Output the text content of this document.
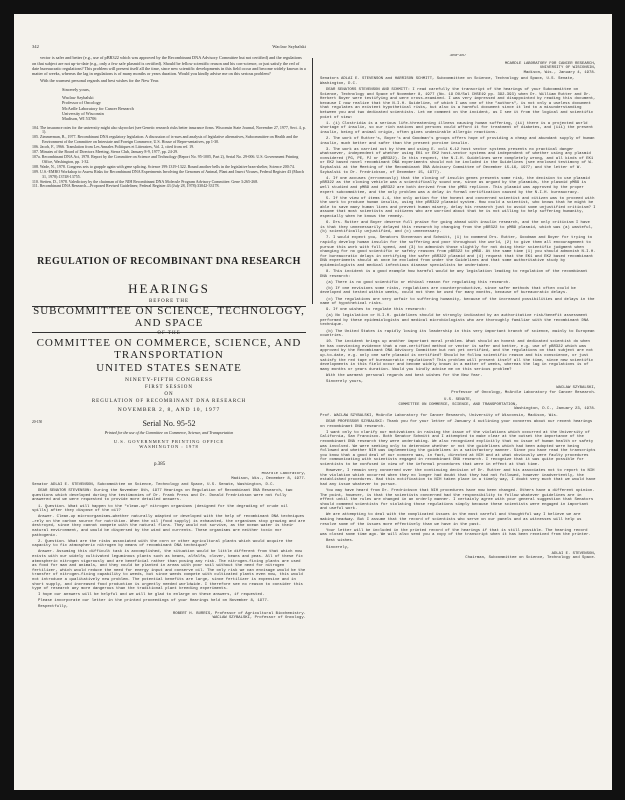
342	Waclaw Szybalski

vector is safer and better (e.g., use of pBR322 which was approved by the Recombinant DNA Advisory Committee but not certified) and the regulations on that subject are not up-to-date (e.g., only a few safe plasmid is certified). Should be fellow scientific reason and his con-science, or just satisfy the red of date bureaucratic regulations? This problem will present itself all the time, since new scientific developments in this field occur and become widely known in a matter of weeks, whereas the lag in regulations is of many months or years duration. Would you kindly advise me on this serious problem?

With the warmest personal regards and best wishes for the New Year.

Sincerely yours,
Waclaw Szybalski
Professor of Oncology
McArdle Laboratory for Cancer Research
University of Wisconsin
Madison, WI 53706
104. The insurance rates for the university might also skyrocket (see Genetic research risks better insurance firms. Wisconsin State Journal, November 27, 1977, Sect. 4, p. 1).
105. Zimmerman, B., 1977. Recombinant DNA regulatory legislation. A discussion of is-sues and analysis of legislative alternatives, Subcommittee on Health and the Environment of the Committee on Interstate and Foreign Commerce, U.S. House of Repre-sentatives, pp 1-30.
106. Jacob, F., 1966. Translation from Les Annales Politiques et Litteraires, Vol. 2, cited from ref. 19.
107. Minutes of the Board of Directors Meeting, Sierra Club, January 8-9, 1977, pp. 24-29.
107a. Recombinant DNA Act, 1978. Report by the Committee on Science and Technology (Report No. 95-1005, Part 2), Serial No. 29-006. U.S. Government Printing Office, Washington, pp. 1-32.
108. Wade, N., 1978. Congress sets to grapple again with gene splicing. Science 199:1319-1322. Round another bells in the legislative bran-shelter, Science 200:74.
109. U.S.-EMBO Workshop to Assess Risks for Recombinant DNA Experiments Involving the Genomes of Animal, Plant and Insect Viruses, Federal Register 43 (March 31, 1978):13748-13755.
110. Stetten, D., 1978. Valedictory by the chairman of the NIH Recombinant DNA Molecule Program Advisory Committee. Gene 3:265-268.
111. Recombinant DNA Research—Proposed Revised Guidelines; Federal Register 43 (July 28, 1978):33042-33178.
REGULATION OF RECOMBINANT DNA RESEARCH
HEARINGS
BEFORE THE
SUBCOMMITTEE ON SCIENCE, TECHNOLOGY, AND SPACE
OF THE
COMMITTEE ON COMMERCE, SCIENCE, AND TRANSPORTATION
UNITED STATES SENATE
NINETY-FIFTH CONGRESS
FIRST SESSION
ON
REGULATION OF RECOMBINANT DNA RESEARCH
NOVEMBER 2, 8, AND 10, 1977
Serial No. 95-52
Printed for the use of the Committee on Commerce, Science, and Transportation
U.S. GOVERNMENT PRINTING OFFICE
WASHINGTON : 1978
20-150
p.385
McArdle Laboratory,
Madison, Wis., December 8, 1977.

Senator ADLAI E. STEVENSON, Subcommittee on Science, Technology and Space, U.S. Senate, Washington, D.C.

DEAR SENATOR STEVENSON: During the November 8th, 1977 Hearings on Regulation of Recombinant DNA Research, two questions which developed during the testimonies of Dr. Frank Press and Dr. Donald Fredrickson were not fully answered and we were requested to provide more detailed answers.

1. Question. What will happen to the "clean-up" nitrogen organisms (designed for the degrading of crude oil spills) after they dispose of the oil?

Answer. Clean-up microorganisms—whether naturally adapted or developed with the help of recombinant DNA techniques—rely on the carbon source for nutrition. When the oil (food supply) is exhausted, the organisms stop growing and are destroyed, since they cannot compete with the natural flora. They would not survive, as the ocean water is their natural environment, and would be dispersed by the wind and currents. These organisms are neither toxic nor pathogenic.

2. Question. What are the risks associated with the corn or other agricultural plants which would acquire the capacity to fix atmospheric nitrogen by means of recombinant DNA technique?

Answer. Assuming this difficult task is accomplished, the situation would be little different from that which now exists with our widely cultivated leguminous plants such as beans, alfalfa, clover, beans and peas. All of these fix atmospheric nitrogen vigorously and are beneficial rather than posing any risk. The nitrogen-fixing plants are used as food for man and animals, and they could be planted in areas with poor soil without the need for nitrogen fertilizer, which would reduce the need for energy input and conserve oil. The only risk we can envisage would be the transfer of nitrogen-fixing capability to weeds, but since weeds compete with cultivated plants even now, this would not introduce a qualitatively new problem. The potential benefits are large, since fertilizer is expensive and in short supply, and increased food production is urgently needed worldwide. I therefore see no reason to consider this type of research any more dangerous than the traditional plant breeding experiments.

I hope our answers will be helpful and we will be glad to enlarge on these answers, if requested.

Please incorporate our letter in the printed proceedings of your Hearings held on November 8, 1977.

Respectfully,

ROBERT H. BURRIS, Professor of Agricultural Biochemistry.
WACLAW SZYBALSKI, Professor of Oncology.
386-387
MCARDLE LABORATORY FOR CANCER RESEARCH,
UNIVERSITY OF WISCONSIN,
Madison, Wis., January 4, 1978.

Senators ADLAI E. STEVENSON and HARRISON SCHMITT, Subcommittee on Science, Technology and Space, U.S. Senate, Washington, D.C.

DEAR SENATORS STEVENSON AND SCHMITT: I read carefully the transcript of the hearings of your Subcommittee on Science, Technology and Space of November 8, 1977 (No. 19 DO/Sal CHSE19 pp. 392-393) when Dr. William Rutter and Dr. Herbert Boyer were testifying and were cross-examined. I was very impressed and disappointed by reading this document, because I now realize that the N.I.H. Guideline, of which I was one of the "authors", is not only a useless document that regulates an existent hypothetical risks, but also is a harmful document since it led to a misunderstanding between you and two dedicated scientists. Let me comment on the incident, as I see it from the logical and scientific point of view:

1. (i) Clostridia is a serious life-threatening illness causing human suffering, (ii) there is a projected world shortage of insulin, so our rich nations and persons could afford it for treatment of diabetes, and (iii) the present insulin, being of animal origin, often gives undesirable allergic reactions.

2. The work of Rutter's, Boyer's and Goodman's groups offers hope of providing a cheap and abundant supply of human insulin, much better and safer than the present porcine insulin.

3. The work as carried out by them and using E. coli K-12 host vector systems presents no practical danger whatsoever, independent of whether using EK1 or EK2 host-vector systems and independent of whether using any plasmid considered (PG, PE, PJ or pBR322). In this respect, the N.I.H. Guidelines were completely wrong, and all kinds of EK1 or EK2 based novel recombinant DNA experiments should not be included in the Guidelines (see enclosed testimony of W. Szybalski at the Meeting of the Recombinant DNA Advisory Committee of December 15-16, 1977; and the letter of W. Szybalski to Dr. Fredrickson, of December 15, 1977).

4. If one accuses (erroneously) that the cloning of insulin genes presents some risk, the decision to use plasmid pBR322 as the cloning vehicle was a scientifically sound one, since as argued by the plasmids, the plasmid pMB9 is well studied and pMB9 and pBR322 are both derived from the pMB1 replicon. This plasmid was approved by the proper expert subcommittee, and the only problem was a delay in formal certification caused by the N.I.H. bureaucracy.

5. If the view of items 1-4, the only action for the honest and concerned scientist and citizen was to proceed with the work to produce human insulin, using the pBR322 plasmid system. How could a scientist, who knows that he might be able to save many human lives and prevent human misery, delay his research just to avoid some unjustified criticism? I assume that most scientists and citizens who are worried about that he is not willing to help suffering humanity, especially when he knows the remedy.

6. Drs. Rutter and Boyer deserve full praise for going ahead with insulin research, and the only criticism I have is that they unnecessarily delayed this research by changing from the pBR322 to pMB9 plasmid, which was (a) wasteful, (b) scientifically unjustified, and (c) unnecessary.

7. I would expect you, Senators Stevenson and Schmitt, (1) to commend Drs. Rutter, Goodman and Boyer for trying to rapidly develop human insulin for the suffering and poor throughout the world, (2) to give them all encouragement to pursue this work with full speed, and (3) to admonish those slightly for not doing their scientific judgment when changing for no good scientific or safety reasons from pBR322 to pMB9. At the same time (1) you should admonish N.I.H. for bureaucratic delays in certifying the safer pBR322 plasmid and (4) request that the EK1 and EK2 based recombinant DNA experiments should at once be excluded from under the Guidelines and that some authoritative study by epidemiologists and medical infectious disease specialists be undertaken.

8. This incident is a good example how harmful would be any legislation leading to regulation of the recombinant DNA research:

(a) There is no good scientific or ethical reason for regulating this research.

(b) If one envisions some risks, regulations are counterproductive, since safer methods that often could be developed and tested within weeks, could not then be used for many months, because of bureaucratic delays.

(c) The regulations are very unfair to suffering humanity, because of the increased possibilities and delays in the name of hypothetical risks.

9. If one wishes to regulate this research:

(a) No legislation or N.I.H. guidelines should be strongly indicated by an authoritative risk/benefit assessment performed by these epidemiologists and medical microbiologists who are thoroughly familiar with the recombinant DNA technique.

(b) The United States is rapidly losing its leadership in this very important branch of science, mainly to European countries.

10. The incident brings up another important moral problem. What should an honest and dedicated scientist do when he has convincing evidence that a non-certified method or vector is safer and better, e.g. use of pBR322 which was approved by the Recombinant DNA Advisory Committee but not yet certified, and the regulations on that subject are not up-to-date, e.g. only one safe plasmid is certified? Should he follow scientific reason and his conscience, or just satisfy the red tape of bureaucratic regulations? This problem will present itself all the time, since new scientific developments in this field occur and become widely known in a matter of weeks, whereas the lag in regulations is of many months or years duration. Would you kindly advise me on this serious problem?

With the warmest personal regards and best wishes for the New Year.

Sincerely yours,

WACLAW SZYBALSKI,
Professor of Oncology, McArdle Laboratory for Cancer Research.
U.S. SENATE,
COMMITTEE ON COMMERCE, SCIENCE, AND TRANSPORTATION,
Washington, D.C., January 23, 1978.

Prof. WACLAW SZYBALSKI, McArdle Laboratory for Cancer Research, University of Wisconsin, Madison, Wis.

DEAR PROFESSOR SZYBALSKI: Thank you for your letter of January 4 outlining your concerns about our recent hearings on recombinant DNA research.

I want only to clarify our motivations in raising the issue of the violations which occurred at the University of California, San Francisco. Both Senator Schmitt and I attempted to make clear at the outset the importance of the recombinant DNA research they were undertaking. We also recognized explicitly that no issue of human health or safety was involved. We were seeking only to determine whether or not the guidelines which had been adopted were being followed and whether NIH was implementing the guidelines in a satisfactory manner. Since you have read the transcripts you know that a good deal of our concern was, in fact, directed at NIH and at what obviously were faulty procedures for communicating with scientists engaged in recombinant DNA research. I recognize that it was quite possible for scientists to be confused in view of the informal procedures that were in effect at that time.

However, I remain very concerned over the continuing decision of Dr. Rutter and his associates not to report to NIH the violation which occurred when they no longer had doubt that they had not followed, however inadvertently, the established procedures. Had this notification to NIH taken place in a timely way, I doubt very much that we would have had any issue whatever to pursue.

You may have heard from Dr. Fredrickson that NIH procedures have now been changed. Others have a different opinion. The point, however, is that the scientists concerned had the responsibility to follow whatever guidelines are in effect until the rules are changed in an orderly manner. I certainly agree with your general suggestion that Senators should commend scientists for violating those regulations simply because these scientists were engaged in important and useful work.

We are attempting to deal with the complicated issues in the most careful and thoughtful way I believe we are making headway. But I assume that the record of scientists who serve on our panels and as witnesses will help us resolve some of the issues more effectively than we have in the past.

Your letter will be included in the printed record of the hearings if that is still possible. The hearing record was closed some time ago. We will also send you a copy of the transcript when it has been received from the printer.

Best wishes.

Sincerely,

ADLAI E. STEVENSON,
Chairman, Subcommittee on Science, Technology and Space.
